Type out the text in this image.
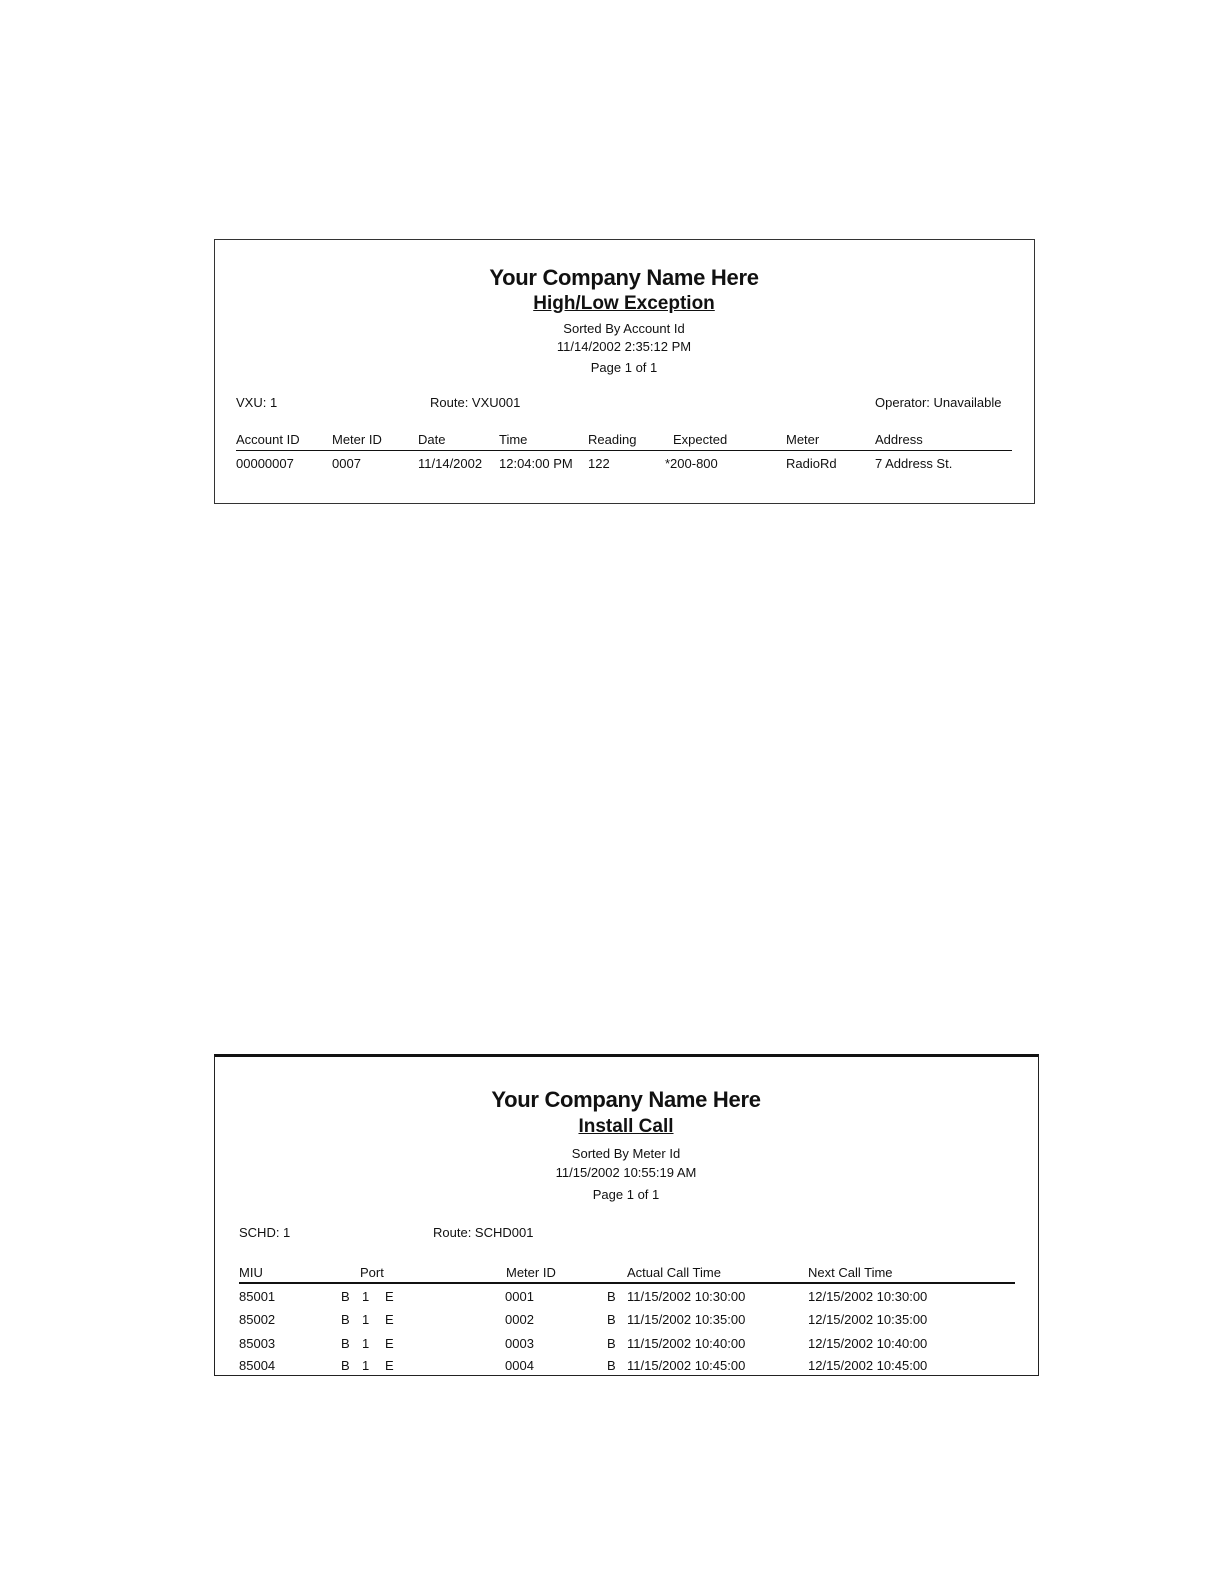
Your Company Name Here
High/Low Exception
Sorted By Account Id
11/14/2002 2:35:12 PM
Page 1 of 1
VXU: 1	Route: VXU001	Operator: Unavailable
Account ID Meter ID	Date	Time	Reading	Expected	Meter	Address
00000007	0007	11/14/2002 12:04:00 PM 122	*200-800	RadioRd	7 Address St.
Your Company Name Here
Install Call
Sorted By Meter Id
11/15/2002 10:55:19 AM
Page 1 of 1
SCHD: 1	Route: SCHD001
MIU	Port	Meter ID	Actual Call Time	Next Call Time
85001	B 1 E	0001	B 11/15/2002 10:30:00	12/15/2002 10:30:00
85002	B 1 E	0002	B 11/15/2002 10:35:00	12/15/2002 10:35:00
85003	B 1 E	0003	B 11/15/2002 10:40:00	12/15/2002 10:40:00
85004	B 1 E	0004	B 11/15/2002 10:45:00	12/15/2002 10:45:00
